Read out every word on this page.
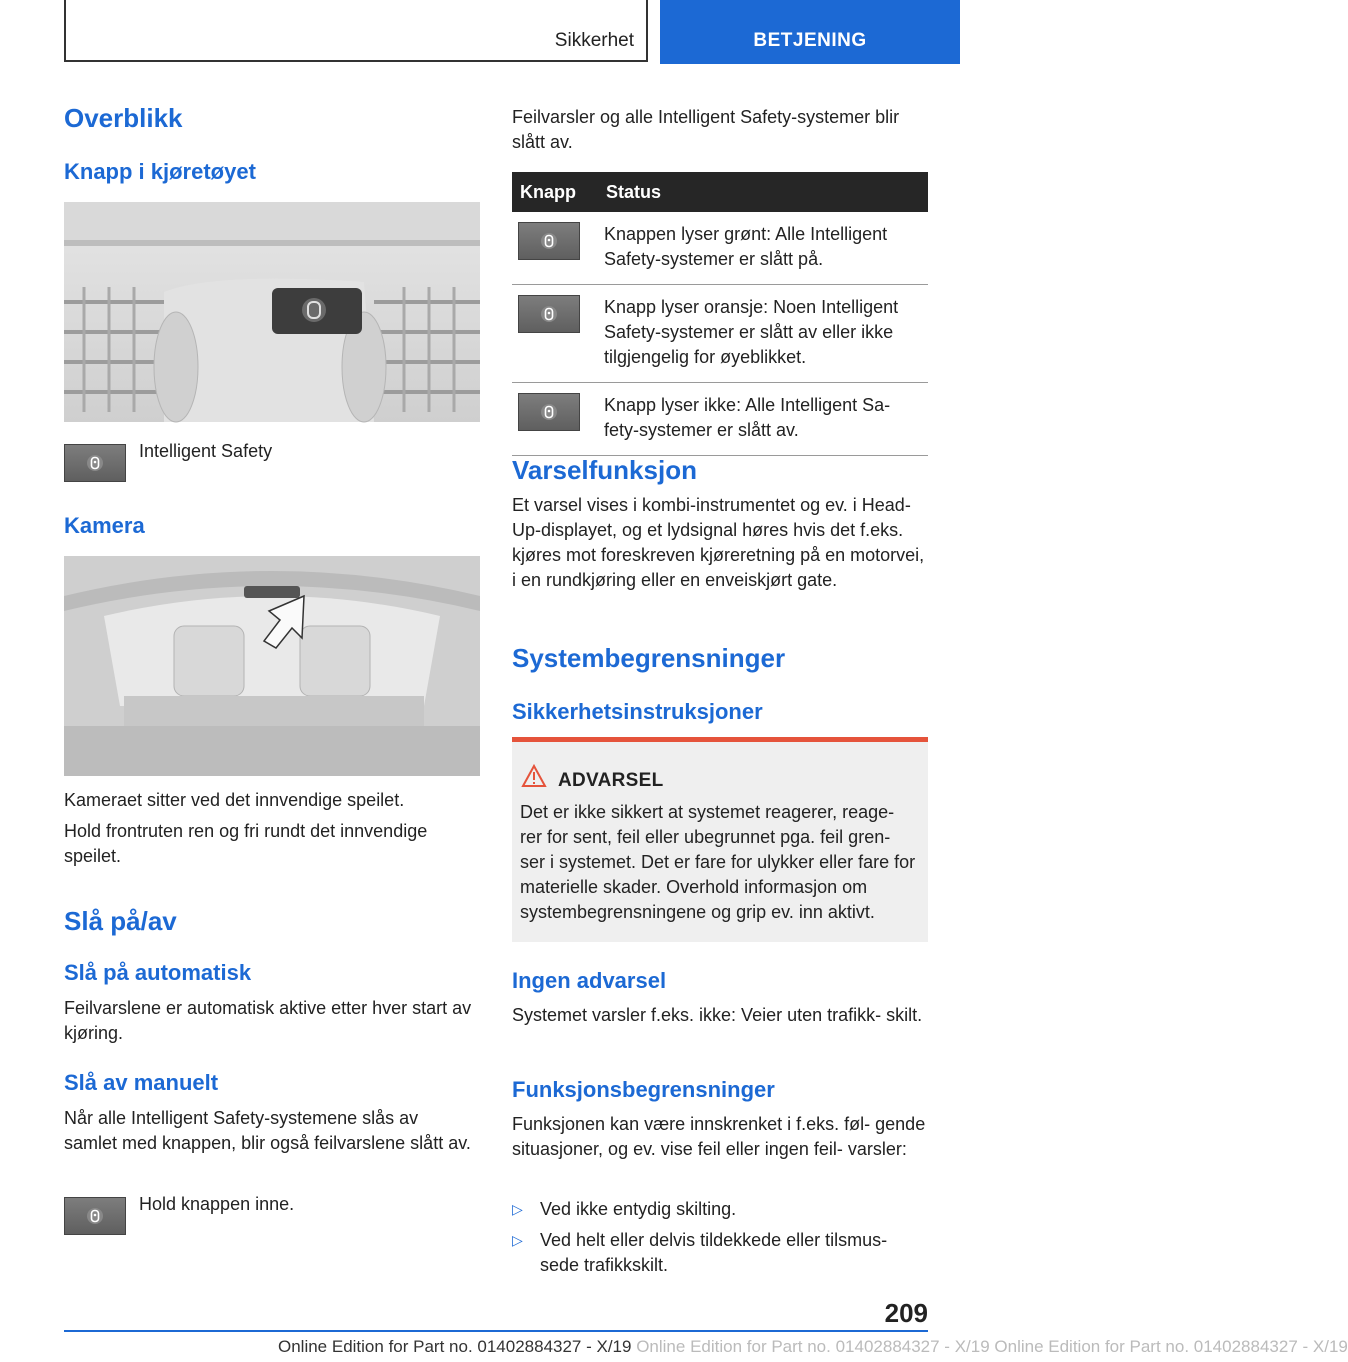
Sikkerhet	BETJENING
Overblikk
Knapp i kjøretøyet

Intelligent Safety

Kamera

Kameraet sitter ved det innvendige speilet.

Hold frontruten ren og fri rundt det innvendige speilet.

Slå på/av
Slå på automatisk

Feilvarslene er automatisk aktive etter hver start av kjøring.

Slå av manuelt

Når alle Intelligent Safety-systemene slås av samlet med knappen, blir også feilvarslene slått av.

Hold knappen inne.

Feilvarsler og alle Intelligent Safety-systemer blir slått av.

Knapp	Status

	Knappen lyser grønt: Alle Intelligent Safety-systemer er slått på.

	Knapp lyser oransje: Noen Intelligent Safety-systemer er slått av eller ikke tilgjengelig for øyeblikket.

	Knapp lyser ikke: Alle Intelligent Sa- fety-systemer er slått av.
Varselfunksjon

Et varsel vises i kombi-instrumentet og ev. i Head-Up-displayet, og et lydsignal høres hvis det f.eks. kjøres mot foreskreven kjøreretning på en motorvei, i en rundkjøring eller en enveiskjørt gate.

Systembegrensninger
Sikkerhetsinstruksjoner
ADVARSEL

Det er ikke sikkert at systemet reagerer, reage- rer for sent, feil eller ubegrunnet pga. feil gren- ser i systemet. Det er fare for ulykker eller fare for materielle skader. Overhold informasjon om systembegrensningene og grip ev. inn aktivt.

Ingen advarsel

Systemet varsler f.eks. ikke: Veier uten trafikk- skilt.

Funksjonsbegrensninger

Funksjonen kan være innskrenket i f.eks. føl- gende situasjoner, og ev. vise feil eller ingen feil- varsler:

▷ Ved ikke entydig skilting.
▷ Ved helt eller delvis tildekkede eller tilsmus- sede trafikkskilt.
209
Online Edition for Part no. 01402884327 - X/19 Online Edition for Part no. 01402884327 - X/19 Online Edition for Part no. 01402884327 - X/19
